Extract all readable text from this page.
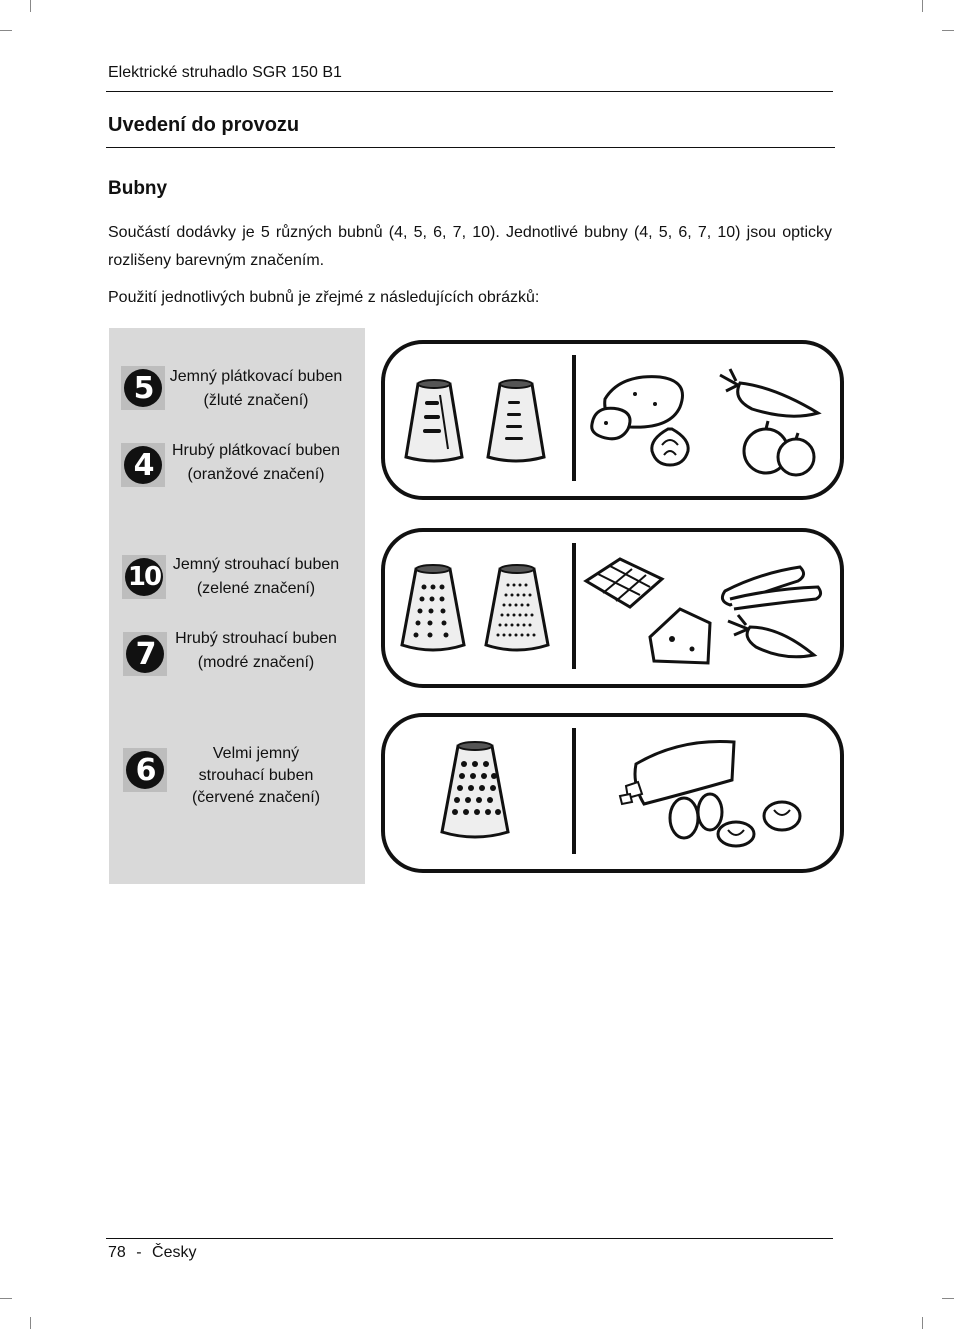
Elektrické struhadlo SGR 150 B1
Uvedení do provozu
Bubny
Součástí dodávky je 5 různých bubnů (4, 5, 6, 7, 10). Jednotlivé bubny (4, 5, 6, 7, 10) jsou opticky rozlišeny barevným značením.
Použití jednotlivých bubnů je zřejmé z následujících obrázků:
5	Jemný plátkovací buben
(žluté značení)
4	Hrubý plátkovací buben
(oranžové značení)
10 Jemný strouhací buben
(zelené značení)
7	Hrubý strouhací buben
(modré značení)
6	Velmi jemný
strouhací buben
(červené značení)
78 - Česky
